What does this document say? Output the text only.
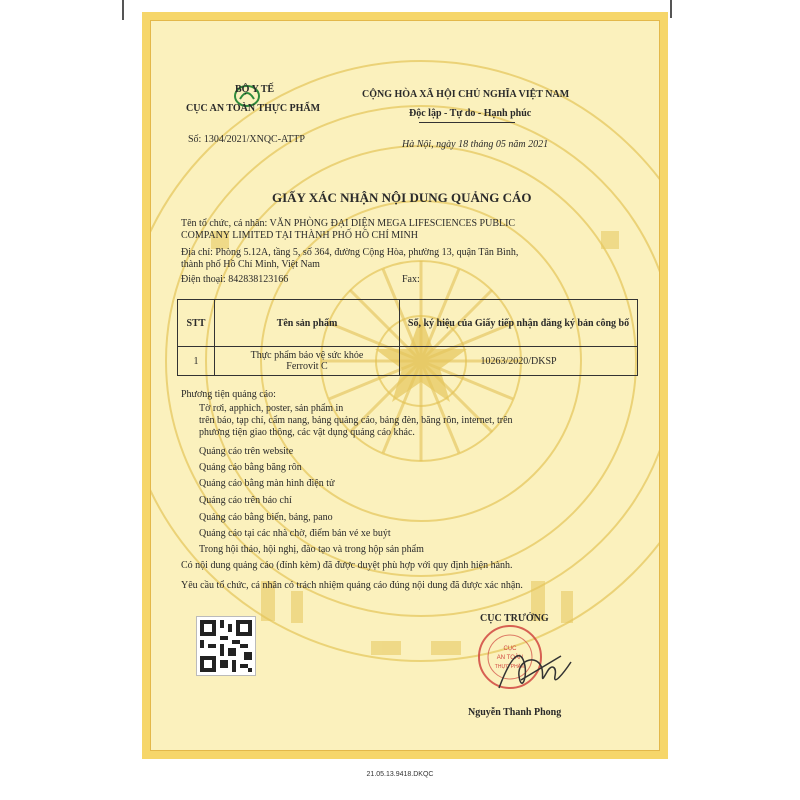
BỘ Y TẾ
CỤC AN TOÀN THỰC PHẨM
Số: 1304/2021/XNQC-ATTP
CỘNG HÒA XÃ HỘI CHỦ NGHĨA VIỆT NAM
Độc lập - Tự do - Hạnh phúc
Hà Nội, ngày 18 tháng 05 năm 2021
GIẤY XÁC NHẬN NỘI DUNG QUẢNG CÁO
Tên tổ chức, cá nhân: VĂN PHÒNG ĐẠI DIỆN MEGA LIFESCIENCES PUBLIC
COMPANY LIMITED TẠI THÀNH PHỐ HỒ CHÍ MINH
Địa chỉ: Phòng 5.12A, tầng 5, số 364, đường Cộng Hòa, phường 13, quận Tân Bình,
thành phố Hồ Chí Minh, Việt Nam
Điện thoại: 842838123166	Fax:
STT	Tên sản phẩm	Số, ký hiệu của Giấy tiếp nhận đăng ký bản công bố
1	Thực phẩm bảo vệ sức khỏe
Ferrovit C	10263/2020/DKSP
Phương tiện quảng cáo:
Tờ rơi, apphich, poster, sản phẩm in
trên báo, tạp chí, cẩm nang, bảng quảng cáo, bảng đèn, băng rôn, internet, trên
phương tiện giao thông, các vật dụng quảng cáo khác.
Quảng cáo trên website
Quảng cáo bằng băng rôn
Quảng cáo bằng màn hình điện tử
Quảng cáo trên báo chí
Quảng cáo bằng biển, bảng, pano
Quảng cáo tại các nhà chờ, điểm bán vé xe buýt
Trong hội thảo, hội nghị, đào tạo và trong hộp sản phẩm
Có nội dung quảng cáo (đính kèm) đã được duyệt phù hợp với quy định hiện hành.
Yêu cầu tổ chức, cá nhân có trách nhiệm quảng cáo đúng nội dung đã được xác nhận.
CỤC TRƯỞNG
CỤC
AN TOÀN
THỰC PHẨM
Nguyễn Thanh Phong
21.05.13.9418.DKQC
